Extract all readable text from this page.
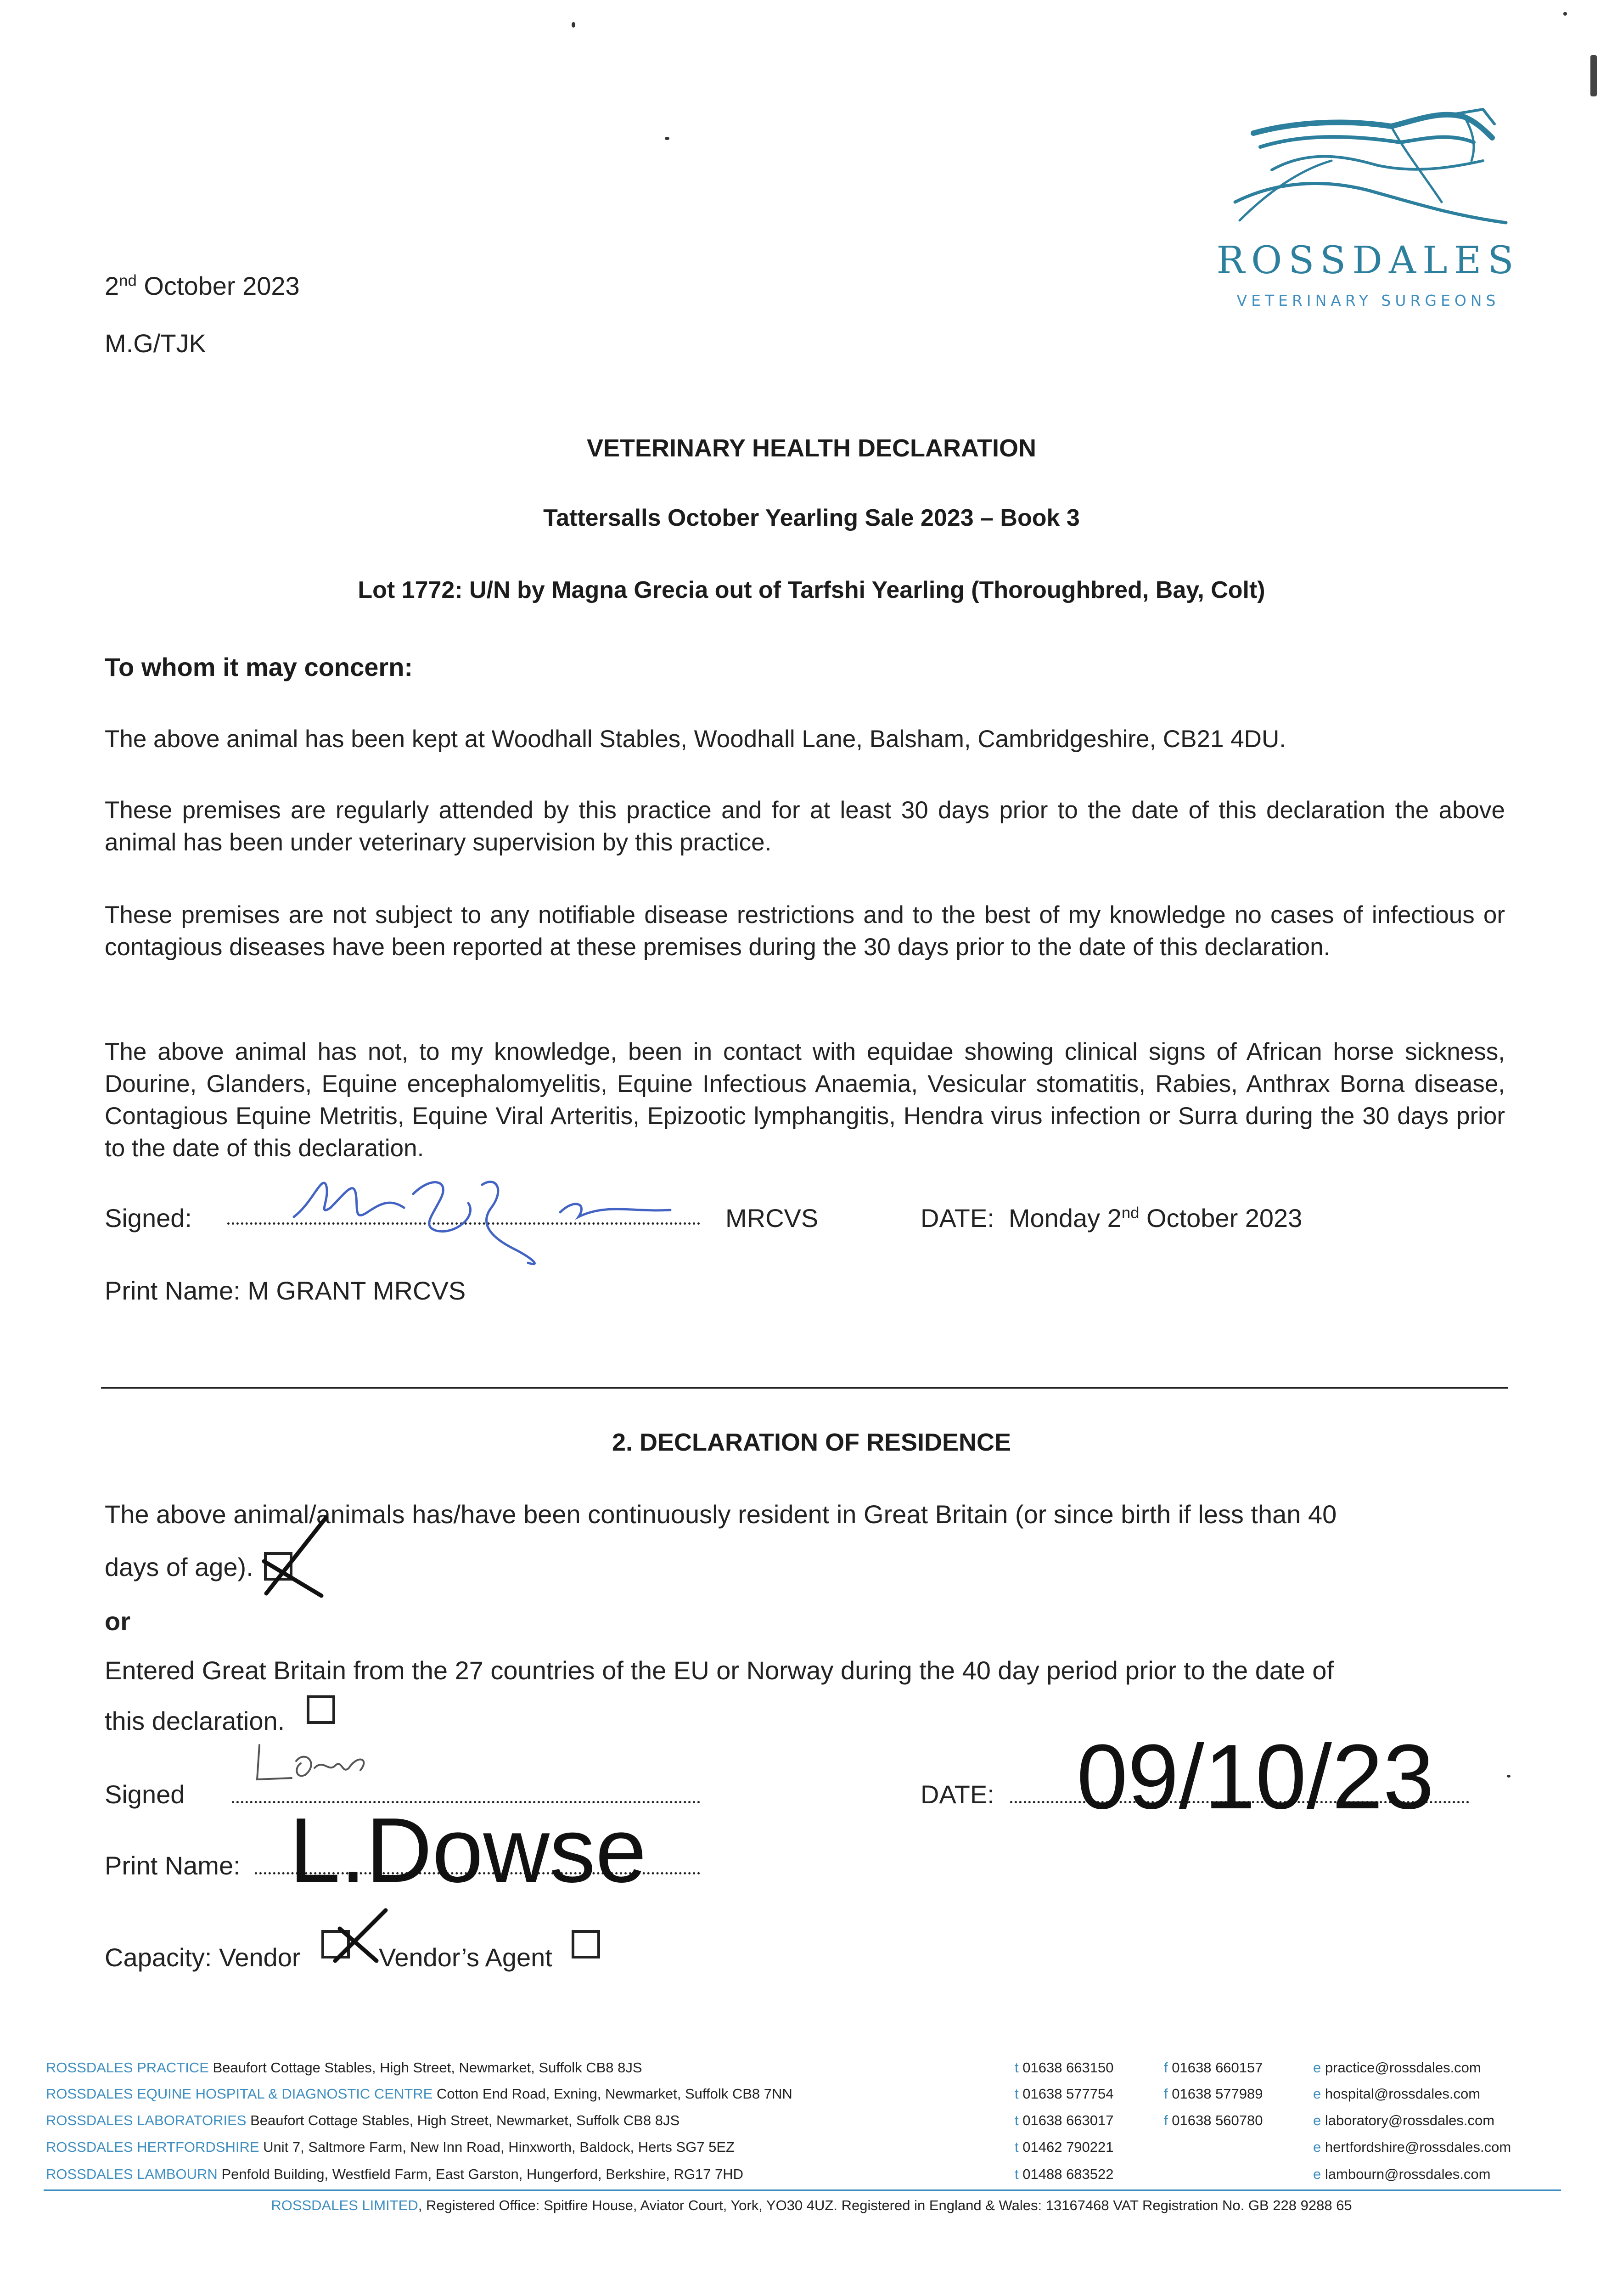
ROSSDALES
VETERINARY SURGEONS
2nd October 2023
M.G/TJK
VETERINARY HEALTH DECLARATION
Tattersalls October Yearling Sale 2023 – Book 3
Lot 1772: U/N by Magna Grecia out of Tarfshi Yearling (Thoroughbred, Bay, Colt)
To whom it may concern:
The above animal has been kept at Woodhall Stables, Woodhall Lane, Balsham, Cambridgeshire, CB21 4DU.
These premises are regularly attended by this practice and for at least 30 days prior to the date of this declaration the above animal has been under veterinary supervision by this practice.
These premises are not subject to any notifiable disease restrictions and to the best of my knowledge no cases of infectious or contagious diseases have been reported at these premises during the 30 days prior to the date of this declaration.
The above animal has not, to my knowledge, been in contact with equidae showing clinical signs of African horse sickness, Dourine, Glanders, Equine encephalomyelitis, Equine Infectious Anaemia, Vesicular stomatitis, Rabies, Anthrax Borna disease, Contagious Equine Metritis, Equine Viral Arteritis, Epizootic lymphangitis, Hendra virus infection or Surra during the 30 days prior to the date of this declaration.
Signed:	MRCVS	DATE: Monday 2nd October 2023
Print Name: M GRANT MRCVS
2. DECLARATION OF RESIDENCE
The above animal/animals has/have been continuously resident in Great Britain (or since birth if less than 40
days of age).
or
Entered Great Britain from the 27 countries of the EU or Norway during the 40 day period prior to the date of
this declaration.
Signed	DATE: 09/10/23
Print Name: L.Dowse
Capacity: Vendor	Vendor’s Agent
ROSSDALES PRACTICE Beaufort Cottage Stables, High Street, Newmarket, Suffolk CB8 8JS	t 01638 663150	f 01638 660157	e practice@rossdales.com
ROSSDALES EQUINE HOSPITAL & DIAGNOSTIC CENTRE Cotton End Road, Exning, Newmarket, Suffolk CB8 7NN	t 01638 577754	f 01638 577989	e hospital@rossdales.com
ROSSDALES LABORATORIES Beaufort Cottage Stables, High Street, Newmarket, Suffolk CB8 8JS	t 01638 663017	f 01638 560780	e laboratory@rossdales.com
ROSSDALES HERTFORDSHIRE Unit 7, Saltmore Farm, New Inn Road, Hinxworth, Baldock, Herts SG7 5EZ	t 01462 790221	e hertfordshire@rossdales.com
ROSSDALES LAMBOURN Penfold Building, Westfield Farm, East Garston, Hungerford, Berkshire, RG17 7HD	t 01488 683522	e lambourn@rossdales.com
ROSSDALES LIMITED, Registered Office: Spitfire House, Aviator Court, York, YO30 4UZ. Registered in England & Wales: 13167468 VAT Registration No. GB 228 9288 65
